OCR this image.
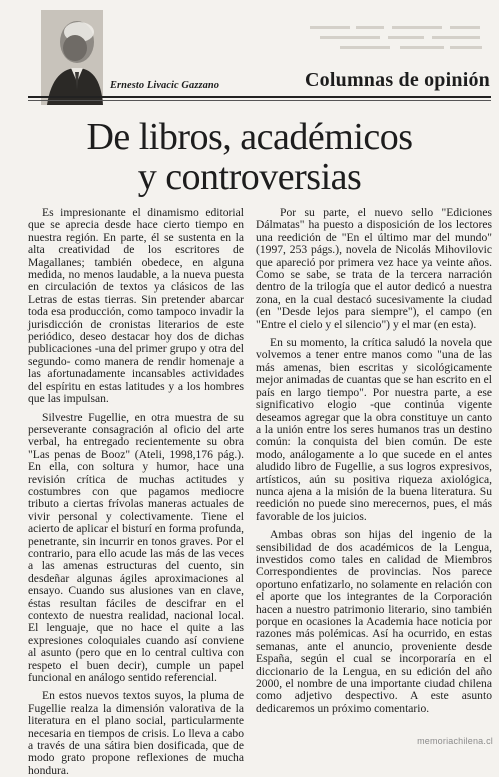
Ernesto Livacic Gazzano	Columnas de opinión
De libros, académicos
y controversias

Es impresionante el dinamismo editorial que se aprecia desde hace cierto tiempo en nuestra región. En parte, él se sustenta en la alta creatividad de los escritores de Magallanes; también obedece, en alguna medida, no menos laudable, a la nueva puesta en circulación de textos ya clásicos de las Letras de estas tierras. Sin pretender abarcar toda esa producción, como tampoco invadir la jurisdicción de cronistas literarios de este periódico, deseo destacar hoy dos de dichas publicaciones -una del primer grupo y otra del segundo- como manera de rendir homenaje a las afortunadamente incansables actividades del espíritu en estas latitudes y a los hombres que las impulsan.

Silvestre Fugellie, en otra muestra de su perseverante consagración al oficio del arte verbal, ha entregado recientemente su obra "Las penas de Booz" (Ateli, 1998,176 pág.). En ella, con soltura y humor, hace una revisión crítica de muchas actitudes y costumbres con que pagamos mediocre tributo a ciertas frívolas maneras actuales de vivir personal y colectivamente. Tiene el acierto de aplicar el bisturí en forma profunda, penetrante, sin incurrir en tonos graves. Por el contrario, para ello acude las más de las veces a las amenas estructuras del cuento, sin desdeñar algunas ágiles aproximaciones al ensayo. Cuando sus alusiones van en clave, éstas resultan fáciles de descifrar en el contexto de nuestra realidad, nacional local. El lenguaje, que no hace el quite a las expresiones coloquiales cuando así conviene al asunto (pero que en lo central cultiva con respeto el buen decir), cumple un papel funcional en análogo sentido referencial.

En estos nuevos textos suyos, la pluma de Fugellie realza la dimensión valorativa de la literatura en el plano social, particularmente necesaria en tiempos de crisis. Lo lleva a cabo a través de una sátira bien dosificada, que de modo grato propone reflexiones de mucha hondura.

Por su parte, el nuevo sello "Ediciones Dálmatas" ha puesto a disposición de los lectores una reedición de "En el último mar del mundo" (1997, 253 págs.), novela de Nicolás Mihovilovic que apareció por primera vez hace ya veinte años. Como se sabe, se trata de la tercera narración dentro de la trilogía que el autor dedicó a nuestra zona, en la cual destacó sucesivamente la ciudad (en "Desde lejos para siempre"), el campo (en "Entre el cielo y el silencio") y el mar (en esta).

En su momento, la crítica saludó la novela que volvemos a tener entre manos como "una de las más amenas, bien escritas y sicológicamente mejor animadas de cuantas que se han escrito en el país en largo tiempo". Por nuestra parte, a ese significativo elogio -que continúa vigente deseamos agregar que la obra constituye un canto a la unión entre los seres humanos tras un destino común: la conquista del bien común. De este modo, análogamente a lo que sucede en el antes aludido libro de Fugellie, a sus logros expresivos, artísticos, aún su positiva riqueza axiológica, nunca ajena a la misión de la buena literatura. Su reedición no puede sino merecernos, pues, el más favorable de los juicios.

Ambas obras son hijas del ingenio de la sensibilidad de dos académicos de la Lengua, investidos como tales en calidad de Miembros Correspondientes de provincias. Nos parece oportuno enfatizarlo, no solamente en relación con el aporte que los integrantes de la Corporación hacen a nuestro patrimonio literario, sino también porque en ocasiones la Academia hace noticia por razones más polémicas. Así ha ocurrido, en estas semanas, ante el anuncio, proveniente desde España, según el cual se incorporaría en el diccionario de la Lengua, en su edición del año 2000, el nombre de una importante ciudad chilena como adjetivo despectivo. A este asunto dedicaremos un próximo comentario.

memoriachilena.cl
